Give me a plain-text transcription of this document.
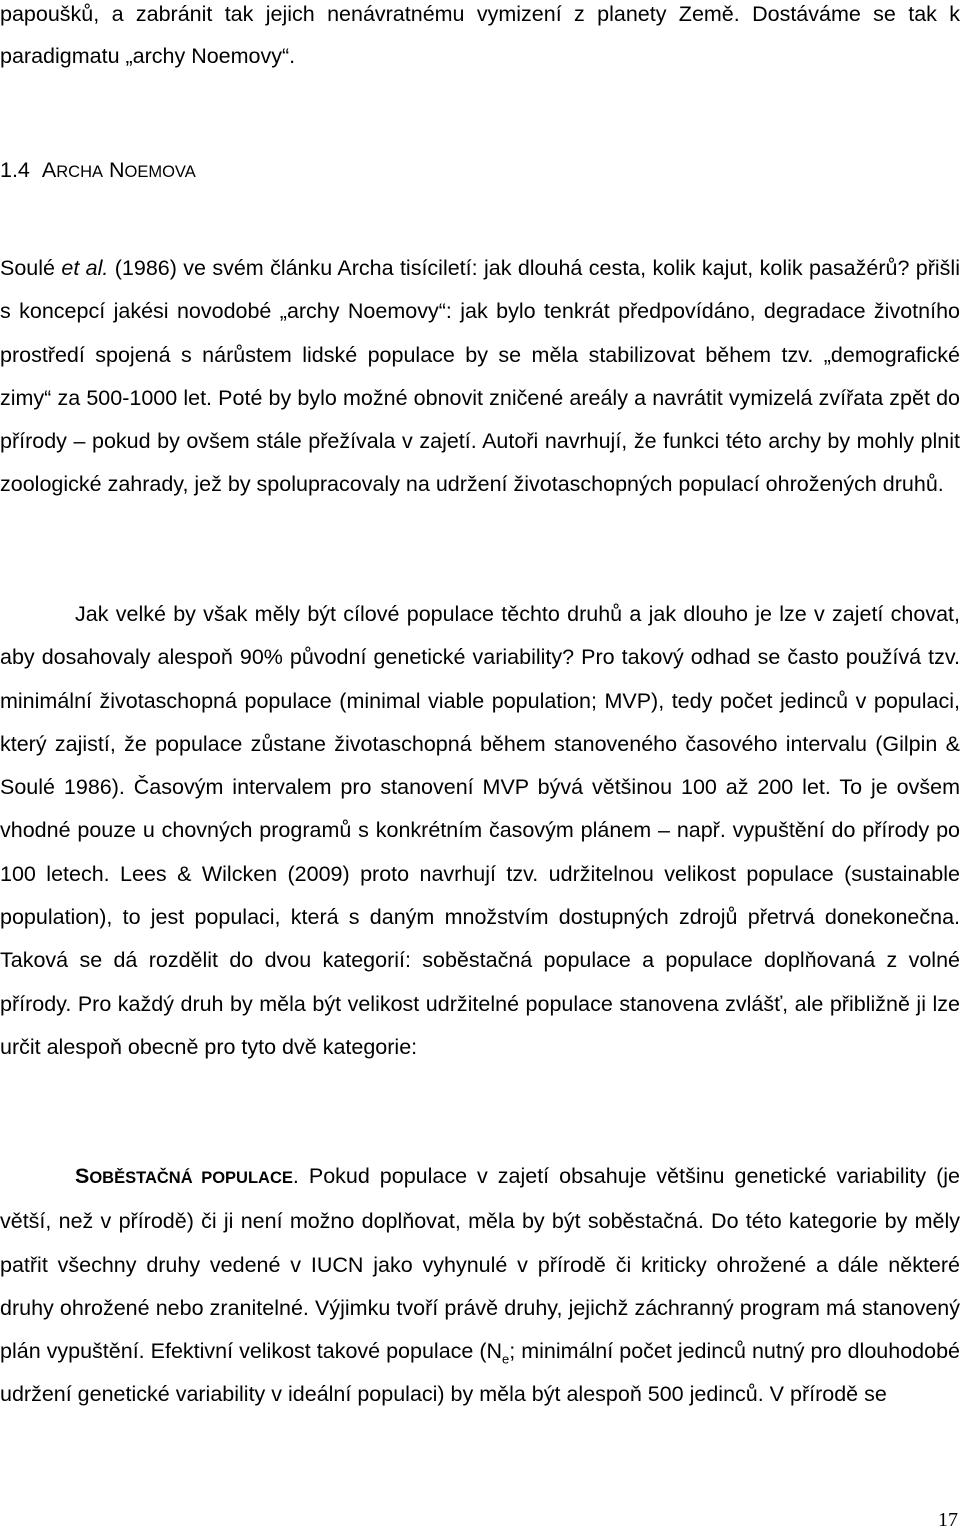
papoušků, a zabránit tak jejich nenávratnému vymizení z planety Země. Dostáváme se tak k paradigmatu „archy Noemovy“.

1.4 ARCHA NOEMOVA

Soulé et al. (1986) ve svém článku Archa tisíciletí: jak dlouhá cesta, kolik kajut, kolik pasažérů? přišli s koncepcí jakési novodobé „archy Noemovy“: jak bylo tenkrát předpovídáno, degradace životního prostředí spojená s nárůstem lidské populace by se měla stabilizovat během tzv. „demografické zimy“ za 500-1000 let. Poté by bylo možné obnovit zničené areály a navrátit vymizelá zvířata zpět do přírody – pokud by ovšem stále přežívala v zajetí. Autoři navrhují, že funkci této archy by mohly plnit zoologické zahrady, jež by spolupracovaly na udržení životaschopných populací ohrožených druhů.

Jak velké by však měly být cílové populace těchto druhů a jak dlouho je lze v zajetí chovat, aby dosahovaly alespoň 90% původní genetické variability? Pro takový odhad se často používá tzv. minimální životaschopná populace (minimal viable population; MVP), tedy počet jedinců v populaci, který zajistí, že populace zůstane životaschopná během stanoveného časového intervalu (Gilpin & Soulé 1986). Časovým intervalem pro stanovení MVP bývá většinou 100 až 200 let. To je ovšem vhodné pouze u chovných programů s konkrétním časovým plánem – např. vypuštění do přírody po 100 letech. Lees & Wilcken (2009) proto navrhují tzv. udržitelnou velikost populace (sustainable population), to jest populaci, která s daným množstvím dostupných zdrojů přetrvá donekonečna. Taková se dá rozdělit do dvou kategorií: soběstačná populace a populace doplňovaná z volné přírody. Pro každý druh by měla být velikost udržitelné populace stanovena zvlášť, ale přibližně ji lze určit alespoň obecně pro tyto dvě kategorie:

SOBĚSTAČNÁ POPULACE. Pokud populace v zajetí obsahuje většinu genetické variability (je větší, než v přírodě) či ji není možno doplňovat, měla by být soběstačná. Do této kategorie by měly patřit všechny druhy vedené v IUCN jako vyhynulé v přírodě či kriticky ohrožené a dále některé druhy ohrožené nebo zranitelné. Výjimku tvoří právě druhy, jejichž záchranný program má stanovený plán vypuštění. Efektivní velikost takové populace ($N_e$; minimální počet jedinců nutný pro dlouhodobé udržení genetické variability v ideální populaci) by měla být alespoň 500 jedinců. V přírodě se

17
